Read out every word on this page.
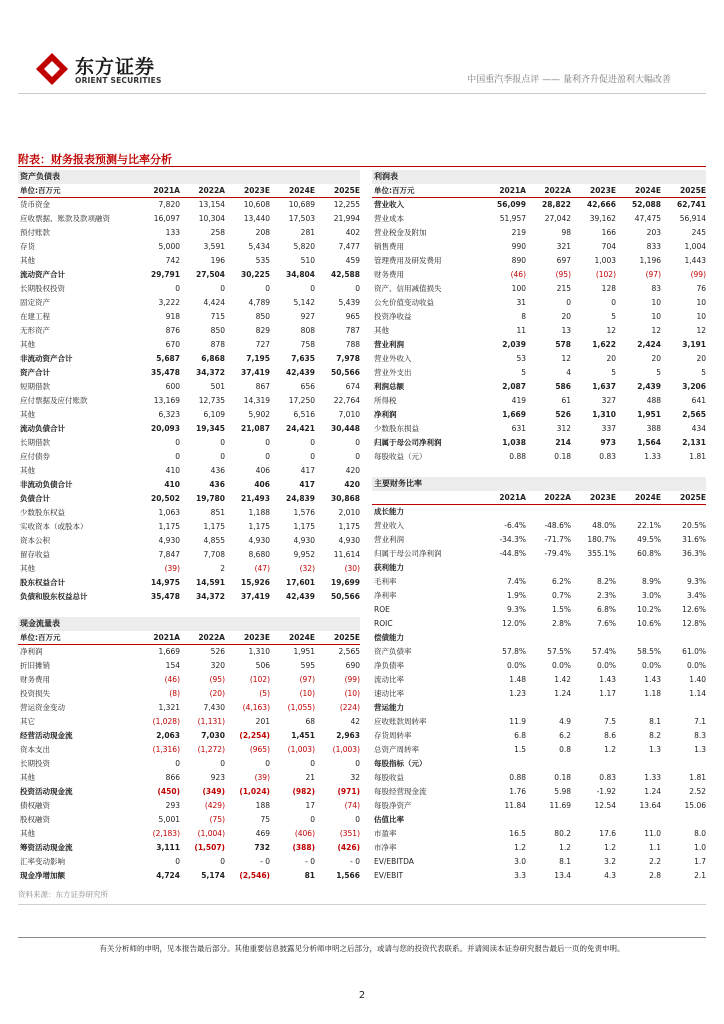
东方证券
ORIENT SECURITIES	中国重汽季报点评 —— 量利齐升促进盈利大幅改善
附表：财务报表预测与比率分析
资产负债表
单位:百万元	2021A	2022A	2023E	2024E	2025E
货币资金	7,820	13,154	10,608	10,689	12,255
应收票据、账款及款项融资	16,097	10,304	13,440	17,503	21,994
预付账款	133	258	208	281	402
存货	5,000	3,591	5,434	5,820	7,477
其他	742	196	535	510	459
流动资产合计	29,791	27,504	30,225	34,804	42,588
长期股权投资	0	0	0	0	0
固定资产	3,222	4,424	4,789	5,142	5,439
在建工程	918	715	850	927	965
无形资产	876	850	829	808	787
其他	670	878	727	758	788
非流动资产合计	5,687	6,868	7,195	7,635	7,978
资产合计	35,478	34,372	37,419	42,439	50,566
短期借款	600	501	867	656	674
应付票据及应付账款	13,169	12,735	14,319	17,250	22,764
其他	6,323	6,109	5,902	6,516	7,010
流动负债合计	20,093	19,345	21,087	24,421	30,448
长期借款	0	0	0	0	0
应付债券	0	0	0	0	0
其他	410	436	406	417	420
非流动负债合计	410	436	406	417	420
负债合计	20,502	19,780	21,493	24,839	30,868
少数股东权益	1,063	851	1,188	1,576	2,010
实收资本（或股本）	1,175	1,175	1,175	1,175	1,175
资本公积	4,930	4,855	4,930	4,930	4,930
留存收益	7,847	7,708	8,680	9,952	11,614
其他	(39)	2	(47)	(32)	(30)
股东权益合计	14,975	14,591	15,926	17,601	19,699
负债和股东权益总计	35,478	34,372	37,419	42,439	50,566
利润表
单位:百万元	2021A	2022A	2023E	2024E	2025E
营业收入	56,099	28,822	42,666	52,088	62,741
营业成本	51,957	27,042	39,162	47,475	56,914
营业税金及附加	219	98	166	203	245
销售费用	990	321	704	833	1,004
管理费用及研发费用	890	697	1,003	1,196	1,443
财务费用	(46)	(95)	(102)	(97)	(99)
资产、信用减值损失	100	215	128	83	76
公允价值变动收益	31	0	0	10	10
投资净收益	8	20	5	10	10
其他	11	13	12	12	12
营业利润	2,039	578	1,622	2,424	3,191
营业外收入	53	12	20	20	20
营业外支出	5	4	5	5	5
利润总额	2,087	586	1,637	2,439	3,206
所得税	419	61	327	488	641
净利润	1,669	526	1,310	1,951	2,565
少数股东损益	631	312	337	388	434
归属于母公司净利润	1,038	214	973	1,564	2,131
每股收益（元）	0.88	0.18	0.83	1.33	1.81
现金流量表
单位:百万元	2021A	2022A	2023E	2024E	2025E
净利润	1,669	526	1,310	1,951	2,565
折旧摊销	154	320	506	595	690
财务费用	(46)	(95)	(102)	(97)	(99)
投资损失	(8)	(20)	(5)	(10)	(10)
营运资金变动	1,321	7,430	(4,163)	(1,055)	(224)
其它	(1,028)	(1,131)	201	68	42
经营活动现金流	2,063	7,030	(2,254)	1,451	2,963
资本支出	(1,316)	(1,272)	(965)	(1,003)	(1,003)
长期投资	0	0	0	0	0
其他	866	923	(39)	21	32
投资活动现金流	(450)	(349)	(1,024)	(982)	(971)
债权融资	293	(429)	188	17	(74)
股权融资	5,001	(75)	75	0	0
其他	(2,183)	(1,004)	469	(406)	(351)
筹资活动现金流	3,111	(1,507)	732	(388)	(426)
汇率变动影响	0	0	- 0	- 0	- 0
现金净增加额	4,724	5,174	(2,546)	81	1,566
主要财务比率
2021A	2022A	2023E	2024E	2025E
成长能力
营业收入	-6.4%	-48.6%	48.0%	22.1%	20.5%
营业利润	-34.3%	-71.7%	180.7%	49.5%	31.6%
归属于母公司净利润	-44.8%	-79.4%	355.1%	60.8%	36.3%
获利能力
毛利率	7.4%	6.2%	8.2%	8.9%	9.3%
净利率	1.9%	0.7%	2.3%	3.0%	3.4%
ROE	9.3%	1.5%	6.8%	10.2%	12.6%
ROIC	12.0%	2.8%	7.6%	10.6%	12.8%
偿债能力
资产负债率	57.8%	57.5%	57.4%	58.5%	61.0%
净负债率	0.0%	0.0%	0.0%	0.0%	0.0%
流动比率	1.48	1.42	1.43	1.43	1.40
速动比率	1.23	1.24	1.17	1.18	1.14
营运能力
应收账款周转率	11.9	4.9	7.5	8.1	7.1
存货周转率	6.8	6.2	8.6	8.2	8.3
总资产周转率	1.5	0.8	1.2	1.3	1.3
每股指标（元）
每股收益	0.88	0.18	0.83	1.33	1.81
每股经营现金流	1.76	5.98	-1.92	1.24	2.52
每股净资产	11.84	11.69	12.54	13.64	15.06
估值比率
市盈率	16.5	80.2	17.6	11.0	8.0
市净率	1.2	1.2	1.2	1.1	1.0
EV/EBITDA	3.0	8.1	3.2	2.2	1.7
EV/EBIT	3.3	13.4	4.3	2.8	2.1
资料来源：东方证券研究所
有关分析师的申明，见本报告最后部分。其他重要信息披露见分析师申明之后部分，或请与您的投资代表联系。并请阅读本证券研究报告最后一页的免责申明。
2
